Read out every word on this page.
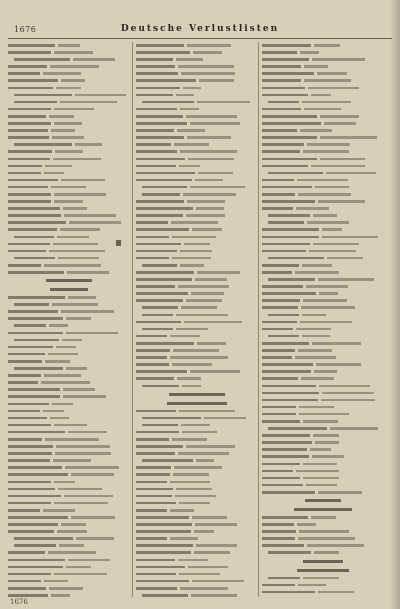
1676	Deutsche Verlustlisten
1676
